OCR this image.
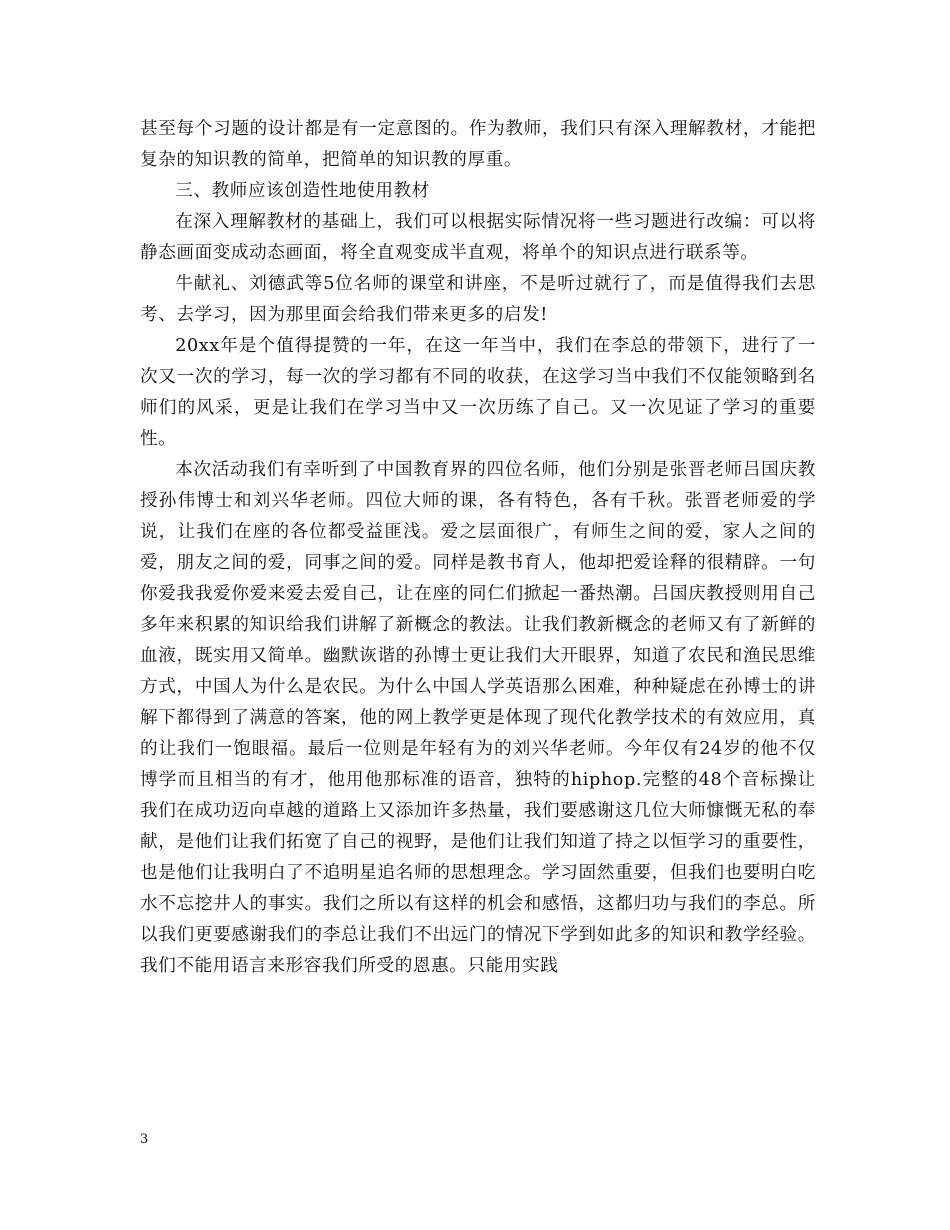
甚至每个习题的设计都是有一定意图的。作为教师，我们只有深入理解教材，才能把复杂的知识教的简单，把简单的知识教的厚重。

三、教师应该创造性地使用教材

在深入理解教材的基础上，我们可以根据实际情况将一些习题进行改编：可以将静态画面变成动态画面，将全直观变成半直观，将单个的知识点进行联系等。

牛献礼、刘德武等5位名师的课堂和讲座，不是听过就行了，而是值得我们去思考、去学习，因为那里面会给我们带来更多的启发!

20xx年是个值得提赞的一年，在这一年当中，我们在李总的带领下，进行了一次又一次的学习，每一次的学习都有不同的收获，在这学习当中我们不仅能领略到名师们的风采，更是让我们在学习当中又一次历练了自己。又一次见证了学习的重要性。

本次活动我们有幸听到了中国教育界的四位名师，他们分别是张晋老师吕国庆教授孙伟博士和刘兴华老师。四位大师的课，各有特色，各有千秋。张晋老师爱的学说，让我们在座的各位都受益匪浅。爱之层面很广，有师生之间的爱，家人之间的爱，朋友之间的爱，同事之间的爱。同样是教书育人，他却把爱诠释的很精辟。一句你爱我我爱你爱来爱去爱自己，让在座的同仁们掀起一番热潮。吕国庆教授则用自己多年来积累的知识给我们讲解了新概念的教法。让我们教新概念的老师又有了新鲜的血液，既实用又简单。幽默诙谐的孙博士更让我们大开眼界，知道了农民和渔民思维方式，中国人为什么是农民。为什么中国人学英语那么困难，种种疑虑在孙博士的讲解下都得到了满意的答案，他的网上教学更是体现了现代化教学技术的有效应用，真的让我们一饱眼福。最后一位则是年轻有为的刘兴华老师。今年仅有24岁的他不仅博学而且相当的有才，他用他那标准的语音，独特的hiphop.完整的48个音标操让我们在成功迈向卓越的道路上又添加许多热量，我们要感谢这几位大师慷慨无私的奉献，是他们让我们拓宽了自己的视野，是他们让我们知道了持之以恒学习的重要性，也是他们让我明白了不追明星追名师的思想理念。学习固然重要，但我们也要明白吃水不忘挖井人的事实。我们之所以有这样的机会和感悟，这都归功与我们的李总。所以我们更要感谢我们的李总让我们不出远门的情况下学到如此多的知识和教学经验。我们不能用语言来形容我们所受的恩惠。只能用实践

3
